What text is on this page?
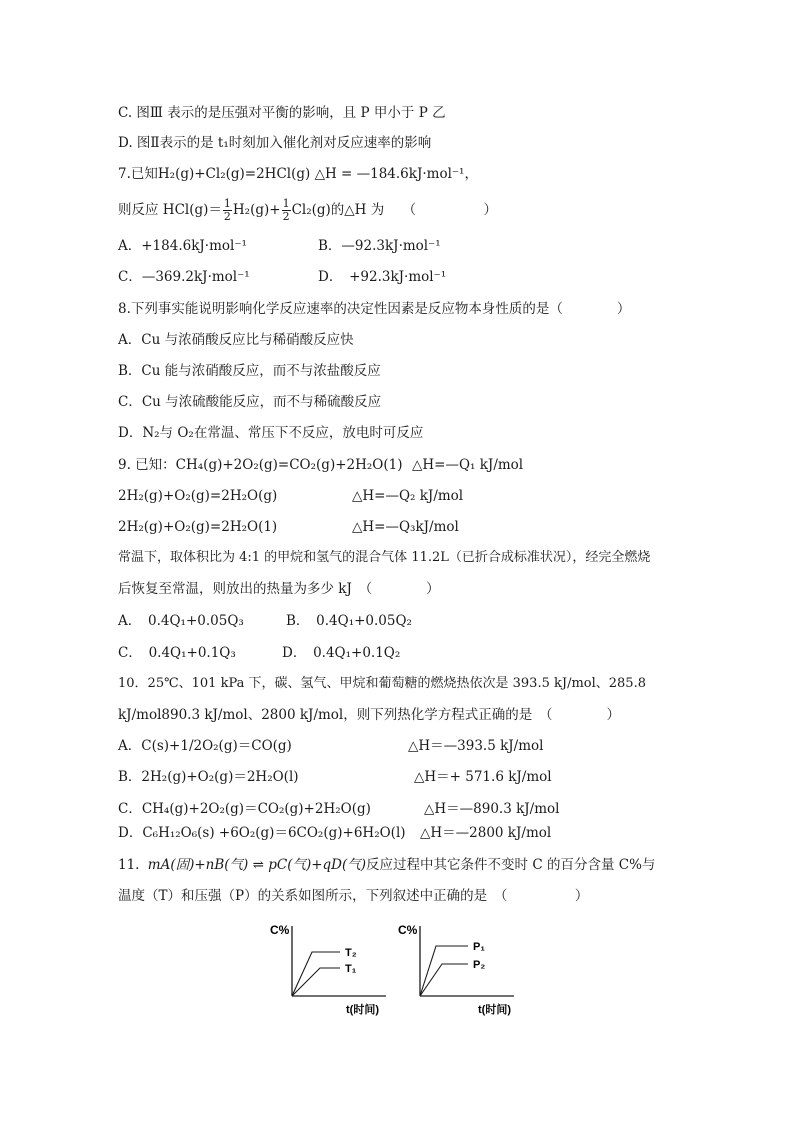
C. 图Ⅲ 表示的是压强对平衡的影响，且 P 甲小于 P 乙
D. 图Ⅱ表示的是 t₁时刻加入催化剂对反应速率的影响
7.已知H₂(g)+Cl₂(g)=2HCl(g) △H = —184.6kJ·mol⁻¹，
则反应 $HCl(g)= \frac{1}{2} H_2(g)+ \frac{1}{2} Cl_2(g)$的△H 为 （　　　　　）
A．+184.6kJ·mol⁻¹	B．—92.3kJ·mol⁻¹
C．—369.2kJ·mol⁻¹	D．　+92.3kJ·mol⁻¹
8.下列事实能说明影响化学反应速率的决定性因素是反应物本身性质的是（　　　　）
A．Cu 与浓硝酸反应比与稀硝酸反应快
B．Cu 能与浓硝酸反应，而不与浓盐酸反应
C．Cu 与浓硫酸能反应，而不与稀硫酸反应
D．N₂与 O₂在常温、常压下不反应，放电时可反应
9. 已知：CH₄(g)+2O₂(g)=CO₂(g)+2H₂O(1) △H=—Q₁ kJ/mol
2H₂(g)+O₂(g)=2H₂O(g)	△H=—Q₂ kJ/mol
2H₂(g)+O₂(g)=2H₂O(1)	△H=—Q₃kJ/mol
常温下，取体积比为 4:1 的甲烷和氢气的混合气体 11.2L（已折合成标准状况），经完全燃烧
后恢复至常温，则放出的热量为多少 kJ　（　　　　）
A．　0.4Q₁+0.05Q₃	B．　0.4Q₁+0.05Q₂
C．　0.4Q₁+0.1Q₃	D．　0.4Q₁+0.1Q₂
10．25℃、101 kPa 下，碳、氢气、甲烷和葡萄糖的燃烧热依次是 393.5 kJ/mol、285.8
kJ/mol890.3 kJ/mol、2800 kJ/mol，则下列热化学方程式正确的是　（　　　　）
A．C(s)+1/2O₂(g)＝CO(g)	△H＝—393.5 kJ/mol
B．2H₂(g)+O₂(g)＝2H₂O(l)	△H＝+ 571.6 kJ/mol
C．CH₄(g)+2O₂(g)＝CO₂(g)+2H₂O(g)	△H＝—890.3 kJ/mol
D．C₆H₁₂O₆(s) +6O₂(g)＝6CO₂(g)+6H₂O(l) △H＝—2800 kJ/mol
11. mA(固)+nB(气) ⇌ pC(气)+qD(气)反应过程中其它条件不变时 C 的百分含量 C%与
温度（T）和压强（P）的关系如图所示，下列叙述中正确的是　（　　　　　）
C%
T₂
T₁
t(时间)
C%
P₁
P₂
t(时间)
